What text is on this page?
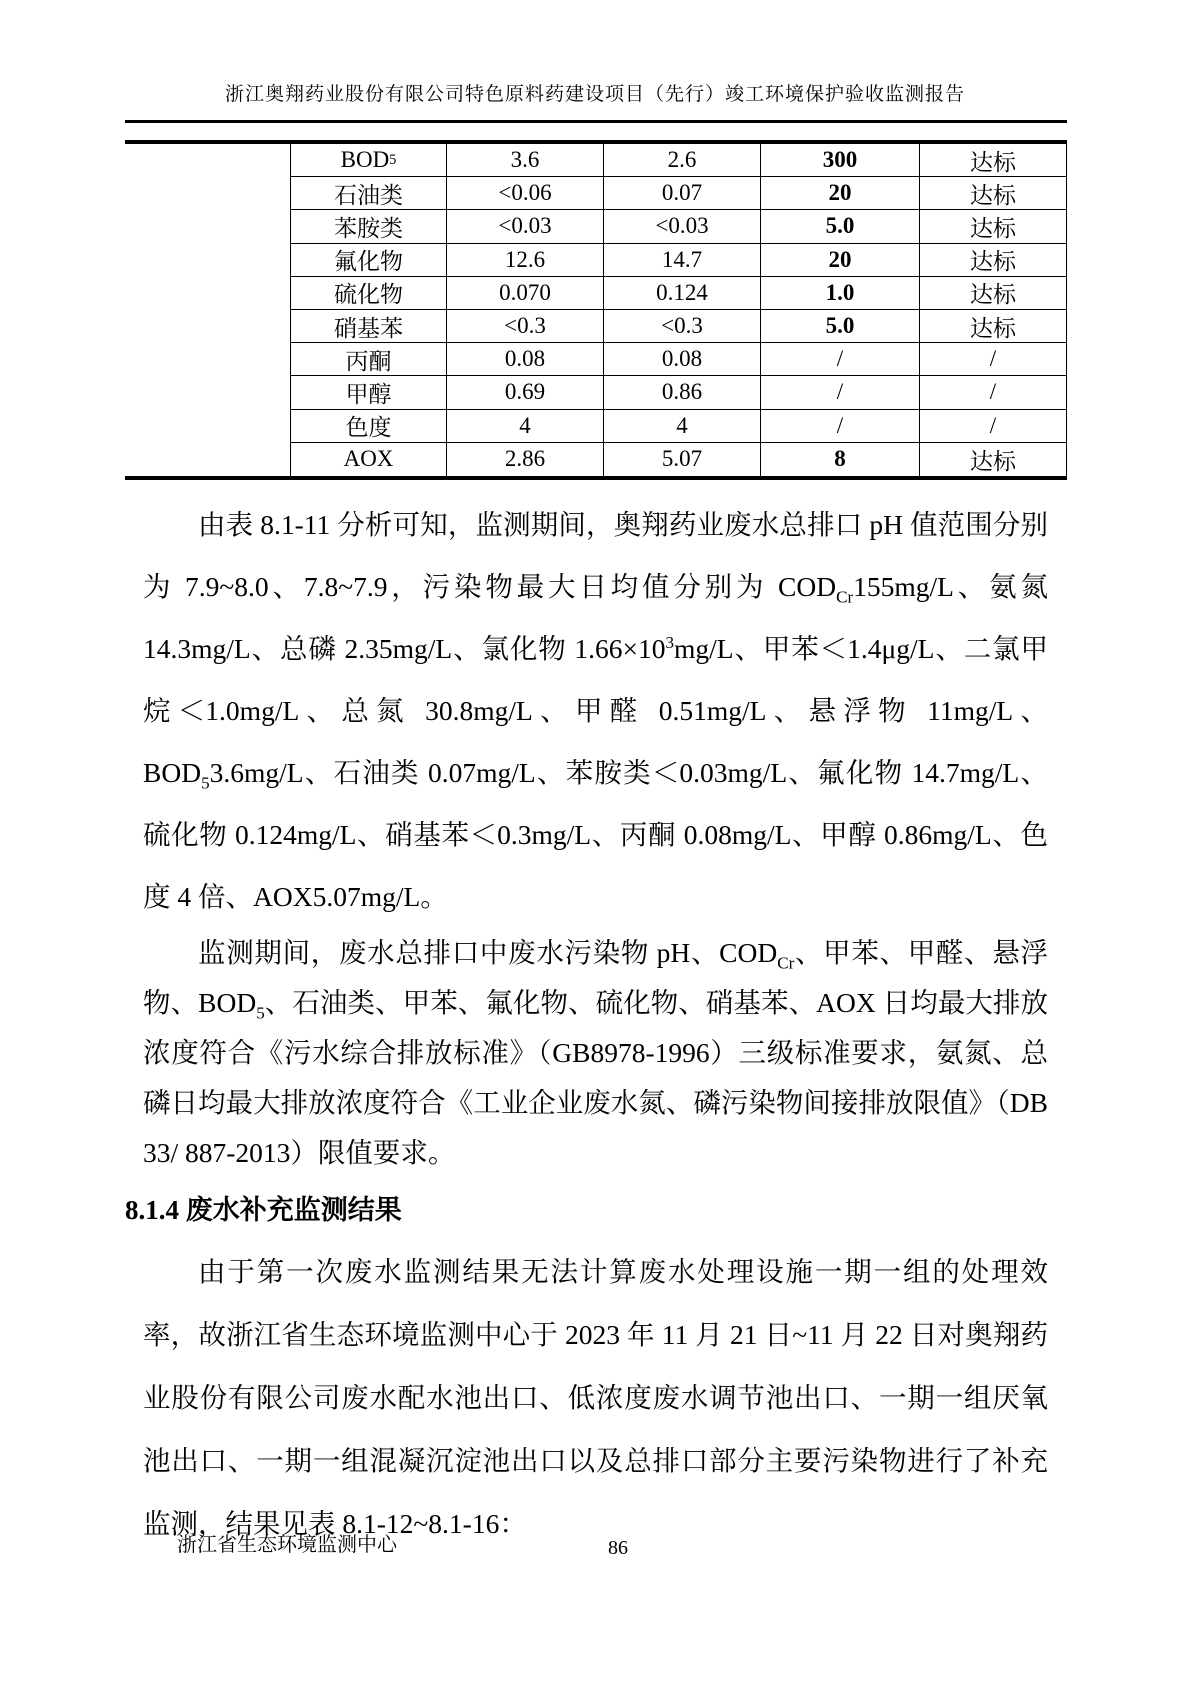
浙江奥翔药业股份有限公司特色原料药建设项目（先行）竣工环境保护验收监测报告
BOD 5	3.6	2.6	300	达标
石油类	<0.06	0.07	20	达标
苯胺类	<0.03	<0.03	5.0	达标
氟化物	12.6	14.7	20	达标
硫化物	0.070	0.124	1.0	达标
硝基苯	<0.3	<0.3	5.0	达标
丙酮	0.08	0.08	/	/
甲醇	0.69	0.86	/	/
色度	4	4	/	/
AOX	2.86	5.07	8	达标
由表 8.1-11 分析可知，监测期间，奥翔药业废水总排口 pH 值范围分别为 7.9~8.0、7.8~7.9，污染物最大日均值分别为 $COD_{Cr}155mg/L$、氨氮 14.3mg/L、总磷 2.35mg/L、氯化物 $1.66\times 10^3mg/L$、甲苯＜1.4μg/L、二氯甲烷＜1.0mg/L、总氮 30.8mg/L、甲醛 0.51mg/L、悬浮物 11mg/L、$BOD_53.6mg/L$、石油类 0.07mg/L、苯胺类＜0.03mg/L、氟化物 14.7mg/L、硫化物 0.124mg/L、硝基苯＜0.3mg/L、丙酮 0.08mg/L、甲醇 0.86mg/L、色度 4 倍、AOX5.07mg/L。
监测期间，废水总排口中废水污染物 pH、$COD_{Cr}$、甲苯、甲醛、悬浮物、$BOD_5$、石油类、甲苯、氟化物、硫化物、硝基苯、AOX 日均最大排放浓度符合《污水综合排放标准》（GB8978-1996）三级标准要求，氨氮、总磷日均最大排放浓度符合《工业企业废水氮、磷污染物间接排放限值》（DB 33/ 887-2013）限值要求。
8.1.4 废水补充监测结果
由于第一次废水监测结果无法计算废水处理设施一期一组的处理效率，故浙江省生态环境监测中心于 2023 年 11 月 21 日~11 月 22 日对奥翔药业股份有限公司废水配水池出口、低浓度废水调节池出口、一期一组厌氧池出口、一期一组混凝沉淀池出口以及总排口部分主要污染物进行了补充监测，结果见表 8.1-12~8.1-16：
浙江省生态环境监测中心	86
